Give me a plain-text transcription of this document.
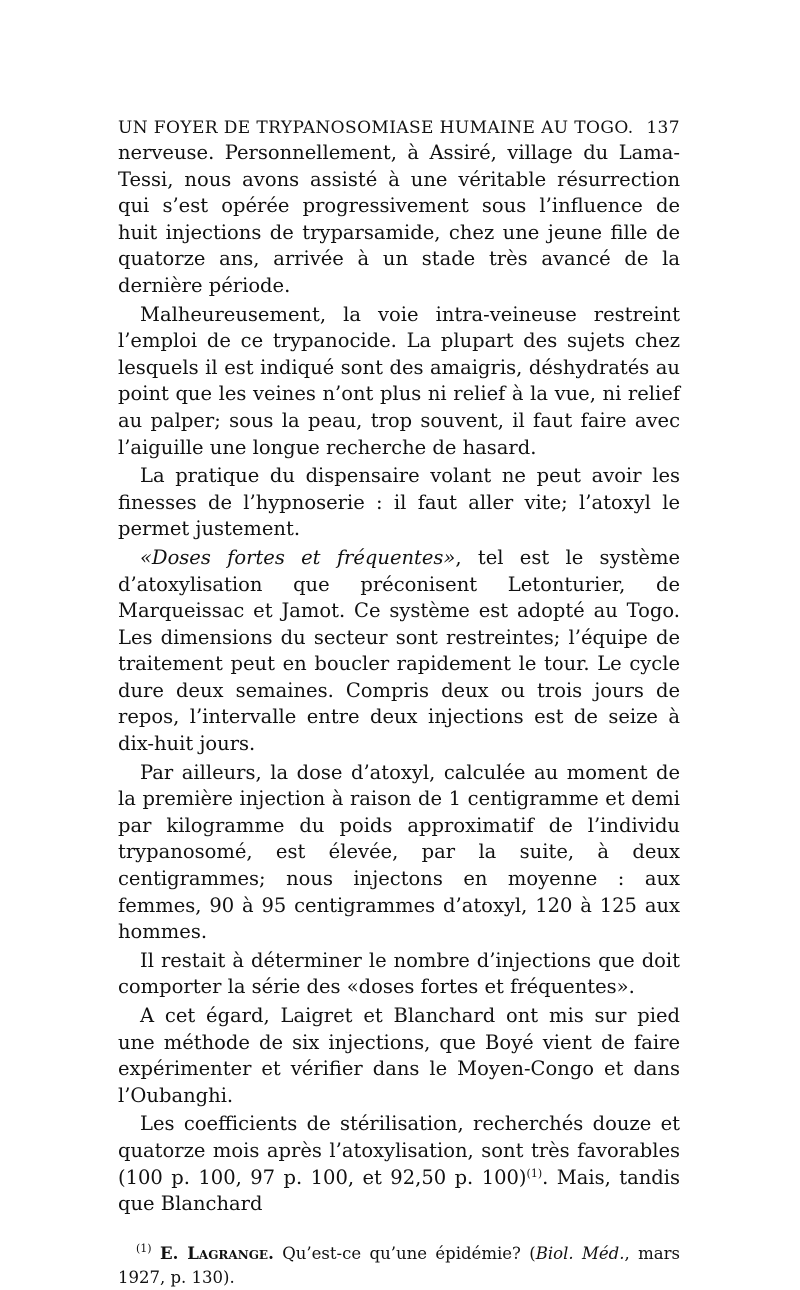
UN FOYER DE TRYPANOSOMIASE HUMAINE AU TOGO. 137

nerveuse. Personnellement, à Assiré, village du Lama-Tessi, nous avons assisté à une véritable résurrection qui s’est opérée progressivement sous l’influence de huit injections de tryparsamide, chez une jeune fille de quatorze ans, arrivée à un stade très avancé de la dernière période.

Malheureusement, la voie intra-veineuse restreint l’emploi de ce trypanocide. La plupart des sujets chez lesquels il est indiqué sont des amaigris, déshydratés au point que les veines n’ont plus ni relief à la vue, ni relief au palper; sous la peau, trop souvent, il faut faire avec l’aiguille une longue recherche de hasard.

La pratique du dispensaire volant ne peut avoir les finesses de l’hypnoserie : il faut aller vite; l’atoxyl le permet justement.

«Doses fortes et fréquentes», tel est le système d’atoxylisation que préconisent Letonturier, de Marqueissac et Jamot. Ce système est adopté au Togo. Les dimensions du secteur sont restreintes; l’équipe de traitement peut en boucler rapidement le tour. Le cycle dure deux semaines. Compris deux ou trois jours de repos, l’intervalle entre deux injections est de seize à dix-huit jours.

Par ailleurs, la dose d’atoxyl, calculée au moment de la première injection à raison de 1 centigramme et demi par kilogramme du poids approximatif de l’individu trypanosomé, est élevée, par la suite, à deux centigrammes; nous injectons en moyenne : aux femmes, 90 à 95 centigrammes d’atoxyl, 120 à 125 aux hommes.

Il restait à déterminer le nombre d’injections que doit comporter la série des «doses fortes et fréquentes».

A cet égard, Laigret et Blanchard ont mis sur pied une méthode de six injections, que Boyé vient de faire expérimenter et vérifier dans le Moyen-Congo et dans l’Oubanghi.

Les coefficients de stérilisation, recherchés douze et quatorze mois après l’atoxylisation, sont très favorables (100 p. 100, 97 p. 100, et 92,50 p. 100)$^{(1)}$. Mais, tandis que Blanchard

$^{(1)}$ E. Lagrange. Qu’est-ce qu’une épidémie? (Biol. Méd., mars 1927, p. 130).
